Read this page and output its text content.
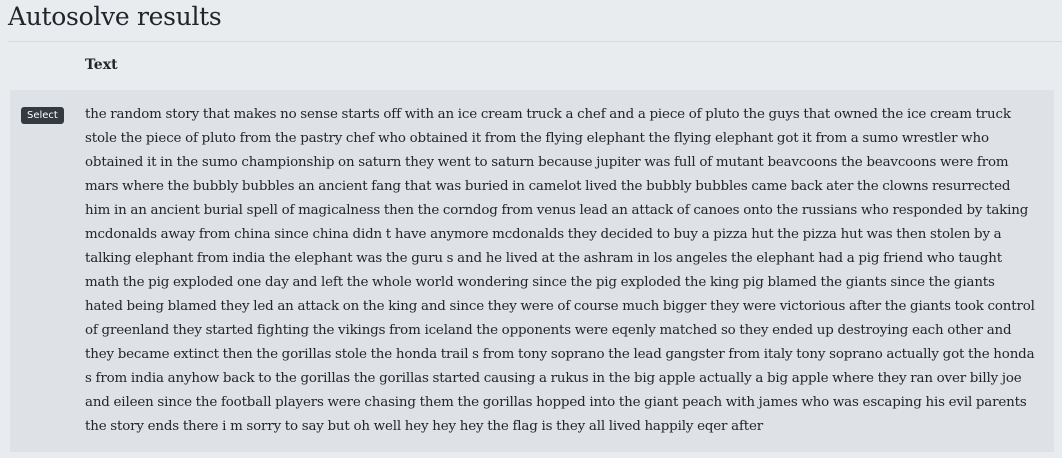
Autosolve results
Text
Select	the random story that makes no sense starts off with an ice cream truck a chef and a piece of pluto the guys that owned the ice cream truck stole the piece of pluto from the pastry chef who obtained it from the flying elephant the flying elephant got it from a sumo wrestler who obtained it in the sumo championship on saturn they went to saturn because jupiter was full of mutant beavcoons the beavcoons were from mars where the bubbly bubbles an ancient fang that was buried in camelot lived the bubbly bubbles came back ater the clowns resurrected him in an ancient burial spell of magicalness then the corndog from venus lead an attack of canoes onto the russians who responded by taking mcdonalds away from china since china didn t have anymore mcdonalds they decided to buy a pizza hut the pizza hut was then stolen by a talking elephant from india the elephant was the guru s and he lived at the ashram in los angeles the elephant had a pig friend who taught math the pig exploded one day and left the whole world wondering since the pig exploded the king pig blamed the giants since the giants hated being blamed they led an attack on the king and since they were of course much bigger they were victorious after the giants took control of greenland they started fighting the vikings from iceland the opponents were eqenly matched so they ended up destroying each other and they became extinct then the gorillas stole the honda trail s from tony soprano the lead gangster from italy tony soprano actually got the honda s from india anyhow back to the gorillas the gorillas started causing a rukus in the big apple actually a big apple where they ran over billy joe and eileen since the football players were chasing them the gorillas hopped into the giant peach with james who was escaping his evil parents the story ends there i m sorry to say but oh well hey hey hey the flag is they all lived happily eqer after
